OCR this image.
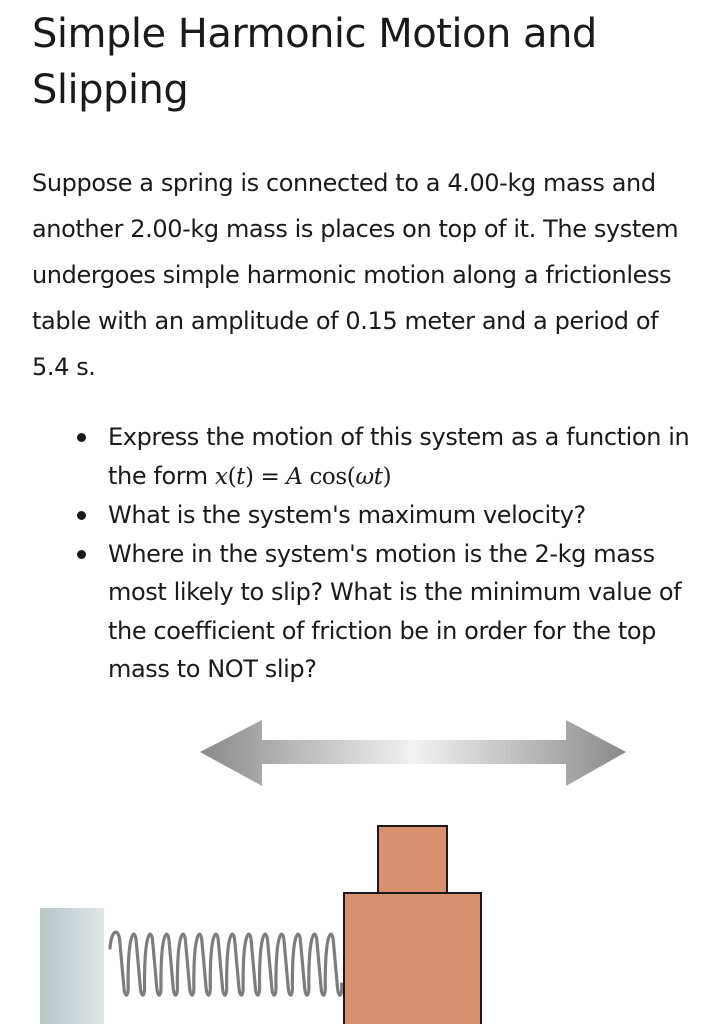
Simple Harmonic Motion and Slipping

Suppose a spring is connected to a 4.00-kg mass and another 2.00-kg mass is places on top of it. The system undergoes simple harmonic motion along a frictionless table with an amplitude of 0.15 meter and a period of 5.4 s.

Express the motion of this system as a function in the form x(t) = A cos(ωt)
What is the system's maximum velocity?
Where in the system's motion is the 2-kg mass most likely to slip? What is the minimum value of the coefficient of friction be in order for the top mass to NOT slip?
